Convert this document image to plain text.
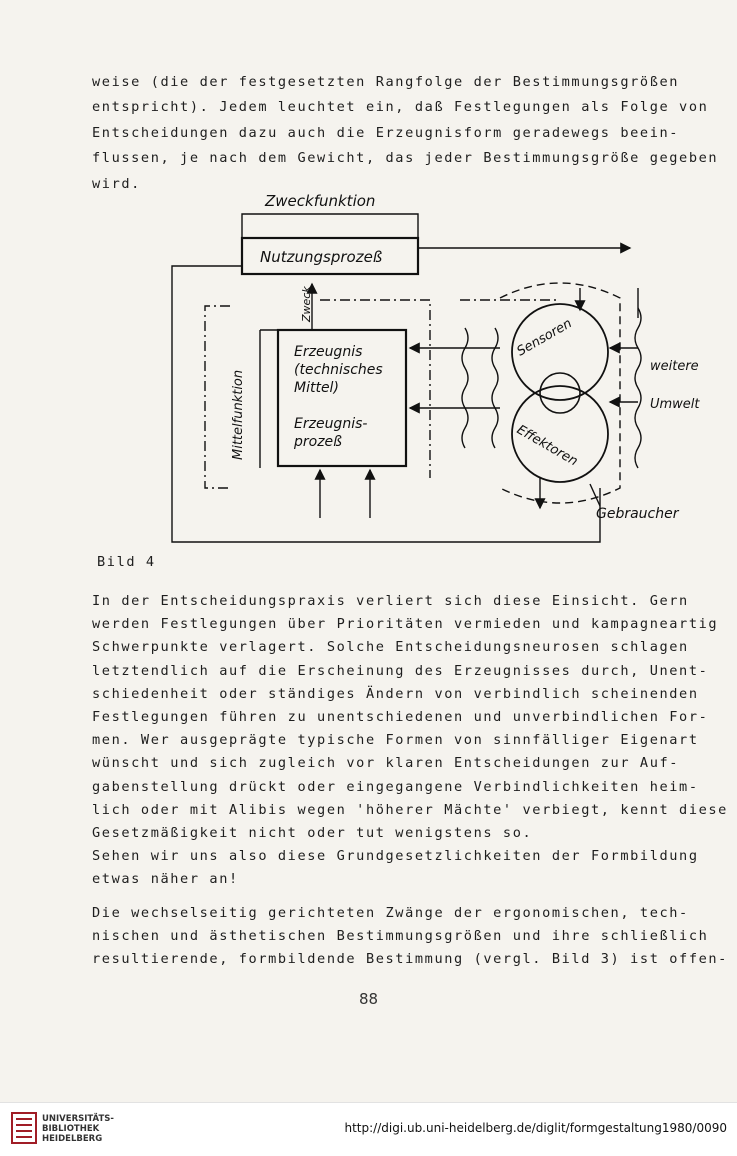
weise (die der festgesetzten Rangfolge der Bestimmungsgrößen
entspricht). Jedem leuchtet ein, daß Festlegungen als Folge von
Entscheidungen dazu auch die Erzeugnisform geradewegs beein-
flussen, je nach dem Gewicht, das jeder Bestimmungsgröße gegeben
wird.
Zweckfunktion
Nutzungsprozeß
Zweck
Mittelfunktion
Erzeugnis
(technisches
Mittel)
Erzeugnis-
prozeß
Sensoren
Effektoren
weitere
Umwelt
Gebraucher
Bild 4
In der Entscheidungspraxis verliert sich diese Einsicht. Gern
werden Festlegungen über Prioritäten vermieden und kampagneartig
Schwerpunkte verlagert. Solche Entscheidungsneurosen schlagen
letztendlich auf die Erscheinung des Erzeugnisses durch, Unent-
schiedenheit oder ständiges Ändern von verbindlich scheinenden
Festlegungen führen zu unentschiedenen und unverbindlichen For-
men. Wer ausgeprägte typische Formen von sinnfälliger Eigenart
wünscht und sich zugleich vor klaren Entscheidungen zur Auf-
gabenstellung drückt oder eingegangene Verbindlichkeiten heim-
lich oder mit Alibis wegen 'höherer Mächte' verbiegt, kennt diese
Gesetzmäßigkeit nicht oder tut wenigstens so.
Sehen wir uns also diese Grundgesetzlichkeiten der Formbildung
etwas näher an!
Die wechselseitig gerichteten Zwänge der ergonomischen, tech-
nischen und ästhetischen Bestimmungsgrößen und ihre schließlich
resultierende, formbildende Bestimmung (vergl. Bild 3) ist offen-
88
UNIVERSITÄTS-
BIBLIOTHEK
HEIDELBERG
http://digi.ub.uni-heidelberg.de/diglit/formgestaltung1980/0090
